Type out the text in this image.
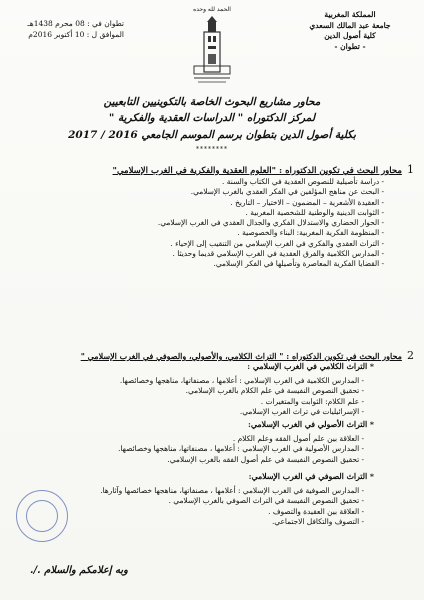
المملكة المغربية
جامعة عبد المالك السعدي
كلية أصول الدين
- تطوان -
الحمد لله وحده
تطوان في : 08 محرم 1438هـ
الموافق ل : 10 أكتوبر 2016م
محاور مشاريع البحوث الخاصة بالتكوينيين التابعيين
لمركز الدكتوراه " الدراسات العقدية والفكرية "
بكلية أصول الدين بتطوان برسم الموسم الجامعي 2016 / 2017
********
1 محاور البحث في تكوين الدكتوراه : "العلوم العقدية والفكرية في الغرب الإسلامي"
- دراسة تأصيلية للنصوص العقدية في الكتاب والسنة .
- البحث عن مناهج المؤلفين في الفكر العقدي بالغرب الإسلامي.
- العقيدة الأشعرية – المضمون – الاختيار – التاريخ .
- الثوابت الدينية والوطنية للشخصية المغربية .
- الحوار الحضاري والاستدلال الفكري والجدال العقدي في الغرب الإسلامي.
- المنظومة الفكرية المغربية: البناء والخصوصية .
- التراث العقدي والفكري في الغرب الإسلامي من التنقيب إلى الإحياء .
- المدارس الكلامية والفرق العقدية في الغرب الإسلامي قديما وحديثا .
- القضايا الفكرية المعاصرة وتأصيلها في الفكر الإسلامي.
2 محاور البحث في تكوين الدكتوراه : " التراث الكلامي، والأصولي، والصوفي في الغرب الإسلامي "
* التراث الكلامي في الغرب الإسلامي :
- المدارس الكلامية في الغرب الإسلامي : أعلامها ، مصنفاتها، مناهجها وخصائصها.
- تحقيق النصوص النفيسة في علم الكلام بالغرب الإسلامي.
- علم الكلام: الثوابت والمتغيرات .
- الإسرائيليات في تراث الغرب الإسلامي.
* التراث الأصولي في الغرب الإسلامي:
- العلاقة بين علم أصول الفقه وعلم الكلام .
- المدارس الأصولية في الغرب الإسلامي : أعلامها ، مصنفاتها، مناهجها وخصائصها.
- تحقيق النصوص النفيسة في علم أصول الفقه بالغرب الإسلامي.
* التراث الصوفي في الغرب الإسلامي:
- المدارس الصوفية في الغرب الإسلامي : أعلامها ، مصنفاتها، مناهجها خصائصها وآثارها.
- تحقيق النصوص النفيسة في التراث الصوفي بالغرب الإسلامي .
- العلاقة بين العقيدة والتصوف .
- التصوف والتكافل الاجتماعي.
وبه إعلامكم والسلام ./.
